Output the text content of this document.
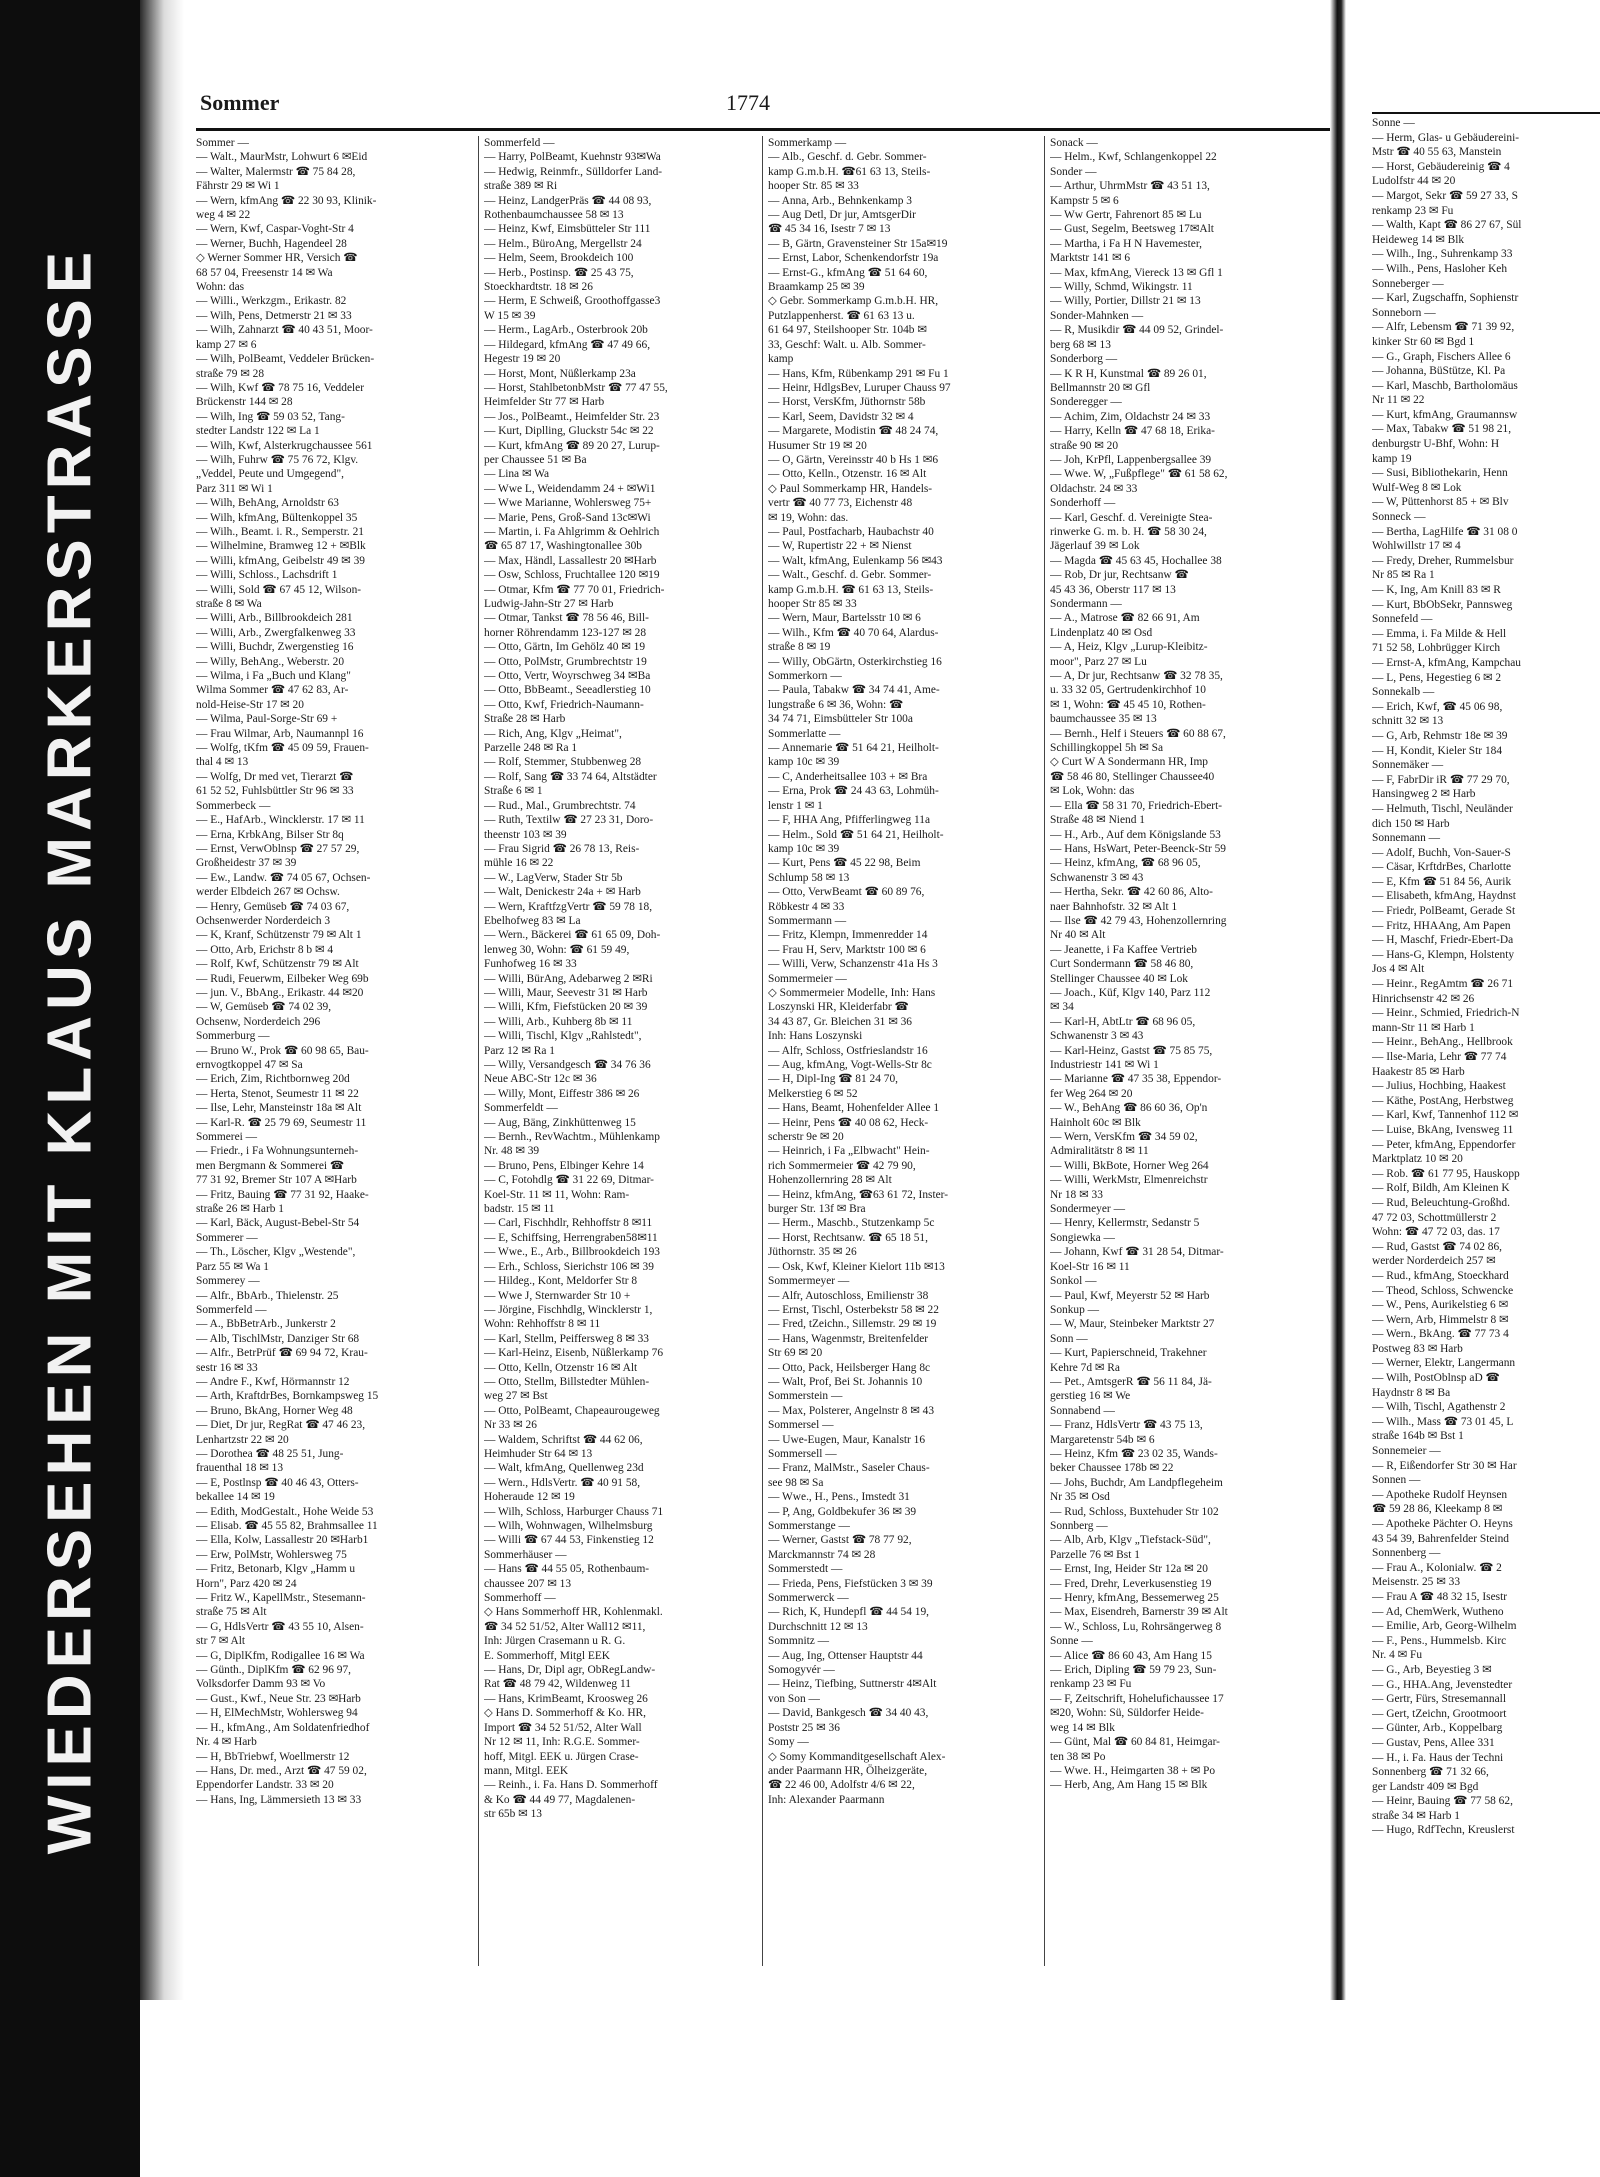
WIEDERSEHEN MIT KLAUS MARKERSTRASSE
Sommer	1774
Sommer —
— Walt., MaurMstr, Lohwurt 6 ✉Eid
— Walter, Malermstr ☎ 75 84 28,
Fährstr 29 ✉ Wi 1
— Wern, kfmAng ☎ 22 30 93, Klinik-
weg 4 ✉ 22
— Wern, Kwf, Caspar-Voght-Str 4
— Werner, Buchh, Hagendeel 28
◇ Werner Sommer HR, Versich ☎
68 57 04, Freesenstr 14 ✉ Wa
Wohn: das
— Willi., Werkzgm., Erikastr. 82
— Wilh, Pens, Detmerstr 21 ✉ 33
— Wilh, Zahnarzt ☎ 40 43 51, Moor-
kamp 27 ✉ 6
— Wilh, PolBeamt, Veddeler Brücken-
straße 79 ✉ 28
— Wilh, Kwf ☎ 78 75 16, Veddeler
Brückenstr 144 ✉ 28
— Wilh, Ing ☎ 59 03 52, Tang-
stedter Landstr 122 ✉ La 1
— Wilh, Kwf, Alsterkrugchaussee 561
— Wilh, Fuhrw ☎ 75 76 72, Klgv.
„Veddel, Peute und Umgegend",
Parz 311 ✉ Wi 1
— Wilh, BehAng, Arnoldstr 63
— Wilh, kfmAng, Bültenkoppel 35
— Wilh., Beamt. i. R., Semperstr. 21
— Wilhelmine, Bramweg 12 + ✉Blk
— Willi, kfmAng, Geibelstr 49 ✉ 39
— Willi, Schloss., Lachsdrift 1
— Willi, Sold ☎ 67 45 12, Wilson-
straße 8 ✉ Wa
— Willi, Arb., Billbrookdeich 281
— Willi, Arb., Zwergfalkenweg 33
— Willi, Buchdr, Zwergenstieg 16
— Willy, BehAng., Weberstr. 20
— Wilma, i Fa „Buch und Klang"
Wilma Sommer ☎ 47 62 83, Ar-
nold-Heise-Str 17 ✉ 20
— Wilma, Paul-Sorge-Str 69 +
— Frau Wilmar, Arb, Naumannpl 16
— Wolfg, tKfm ☎ 45 09 59, Frauen-
thal 4 ✉ 13
— Wolfg, Dr med vet, Tierarzt ☎
61 52 52, Fuhlsbüttler Str 96 ✉ 33
Sommerbeck —
— E., HafArb., Wincklerstr. 17 ✉ 11
— Erna, KrbkAng, Bilser Str 8q
— Ernst, VerwOblnsp ☎ 27 57 29,
Großheidestr 37 ✉ 39
— Ew., Landw. ☎ 74 05 67, Ochsen-
werder Elbdeich 267 ✉ Ochsw.
— Henry, Gemüseb ☎ 74 03 67,
Ochsenwerder Norderdeich 3
— K, Kranf, Schützenstr 79 ✉ Alt 1
— Otto, Arb, Erichstr 8 b ✉ 4
— Rolf, Kwf, Schützenstr 79 ✉ Alt
— Rudi, Feuerwm, Eilbeker Weg 69b
— jun. V., BbAng., Erikastr. 44 ✉20
— W, Gemüseb ☎ 74 02 39,
Ochsenw, Norderdeich 296
Sommerburg —
— Bruno W., Prok ☎ 60 98 65, Bau-
ernvogtkoppel 47 ✉ Sa
— Erich, Zim, Richtbornweg 20d
— Herta, Stenot, Seumestr 11 ✉ 22
— Ilse, Lehr, Mansteinstr 18a ✉ Alt
— Karl-R. ☎ 25 79 69, Seumestr 11
Sommerei —
— Friedr., i Fa Wohnungsunterneh-
men Bergmann & Sommerei ☎
77 31 92, Bremer Str 107 A ✉Harb
— Fritz, Bauing ☎ 77 31 92, Haake-
straße 26 ✉ Harb 1
— Karl, Bäck, August-Bebel-Str 54
Sommerer —
— Th., Löscher, Klgv „Westende",
Parz 55 ✉ Wa 1
Sommerey —
— Alfr., BbArb., Thielenstr. 25
Sommerfeld —
— A., BbBetrArb., Junkerstr 2
— Alb, TischlMstr, Danziger Str 68
— Alfr., BetrPrüf ☎ 69 94 72, Krau-
sestr 16 ✉ 33
— Andre F., Kwf, Hörmannstr 12
— Arth, KraftdrBes, Bornkampsweg 15
— Bruno, BkAng, Horner Weg 48
— Diet, Dr jur, RegRat ☎ 47 46 23,
Lenhartzstr 22 ✉ 20
— Dorothea ☎ 48 25 51, Jung-
frauenthal 18 ✉ 13
— E, Postlnsp ☎ 40 46 43, Otters-
bekallee 14 ✉ 19
— Edith, ModGestalt., Hohe Weide 53
— Elisab. ☎ 45 55 82, Brahmsallee 11
— Ella, Kolw, Lassallestr 20 ✉Harb1
— Erw, PolMstr, Wohlersweg 75
— Fritz, Betonarb, Klgv „Hamm u
Horn", Parz 420 ✉ 24
— Fritz W., KapellMstr., Stesemann-
straße 75 ✉ Alt
— G, HdlsVertr ☎ 43 55 10, Alsen-
str 7 ✉ Alt
— G, DiplKfm, Rodigallee 16 ✉ Wa
— Günth., DiplKfm ☎ 62 96 97,
Volksdorfer Damm 93 ✉ Vo
— Gust., Kwf., Neue Str. 23 ✉Harb
— H, ElMechMstr, Wohlersweg 94
— H., kfmAng., Am Soldatenfriedhof
Nr. 4 ✉ Harb
— H, BbTriebwf, Woellmerstr 12
— Hans, Dr. med., Arzt ☎ 47 59 02,
Eppendorfer Landstr. 33 ✉ 20
— Hans, Ing, Lämmersieth 13 ✉ 33
Sommerfeld —
— Harry, PolBeamt, Kuehnstr 93✉Wa
— Hedwig, Reinmfr., Sülldorfer Land-
straße 389 ✉ Ri
— Heinz, LandgerPräs ☎ 44 08 93,
Rothenbaumchaussee 58 ✉ 13
— Heinz, Kwf, Eimsbütteler Str 111
— Helm., BüroAng, Mergellstr 24
— Helm, Seem, Brookdeich 100
— Herb., Postinsp. ☎ 25 43 75,
Stoeckhardtstr. 18 ✉ 26
— Herm, E Schweiß, Groothoffgasse3
W 15 ✉ 39
— Herm., LagArb., Osterbrook 20b
— Hildegard, kfmAng ☎ 47 49 66,
Hegestr 19 ✉ 20
— Horst, Mont, Nüßlerkamp 23a
— Horst, StahlbetonbMstr ☎ 77 47 55,
Heimfelder Str 77 ✉ Harb
— Jos., PolBeamt., Heimfelder Str. 23
— Kurt, Diplling, Gluckstr 54c ✉ 22
— Kurt, kfmAng ☎ 89 20 27, Lurup-
per Chaussee 51 ✉ Ba
— Lina ✉ Wa
— Wwe L, Weidendamm 24 + ✉Wi1
— Wwe Marianne, Wohlersweg 75+
— Marie, Pens, Groß-Sand 13c✉Wi
— Martin, i. Fa Ahlgrimm & Oehlrich
☎ 65 87 17, Washingtonallee 30b
— Max, Händl, Lassallestr 20 ✉Harb
— Osw, Schloss, Fruchtallee 120 ✉19
— Otmar, Kfm ☎ 77 70 01, Friedrich-
Ludwig-Jahn-Str 27 ✉ Harb
— Otmar, Tankst ☎ 78 56 46, Bill-
horner Röhrendamm 123-127 ✉ 28
— Otto, Gärtn, Im Gehölz 40 ✉ 19
— Otto, PolMstr, Grumbrechtstr 19
— Otto, Vertr, Woyrschweg 34 ✉Ba
— Otto, BbBeamt., Seeadlerstieg 10
— Otto, Kwf, Friedrich-Naumann-
Straße 28 ✉ Harb
— Rich, Ang, Klgv „Heimat",
Parzelle 248 ✉ Ra 1
— Rolf, Stemmer, Stubbenweg 28
— Rolf, Sang ☎ 33 74 64, Altstädter
Straße 6 ✉ 1
— Rud., Mal., Grumbrechtstr. 74
— Ruth, Textilw ☎ 27 23 31, Doro-
theenstr 103 ✉ 39
— Frau Sigrid ☎ 26 78 13, Reis-
mühle 16 ✉ 22
— W., LagVerw, Stader Str 5b
— Walt, Denickestr 24a + ✉ Harb
— Wern, KraftfzgVertr ☎ 59 78 18,
Ebelhofweg 83 ✉ La
— Wern., Bäckerei ☎ 61 65 09, Doh-
lenweg 30, Wohn: ☎ 61 59 49,
Funhofweg 16 ✉ 33
— Willi, BürAng, Adebarweg 2 ✉Ri
— Willi, Maur, Seevestr 31 ✉ Harb
— Willi, Kfm, Fiefstücken 20 ✉ 39
— Willi, Arb., Kuhberg 8b ✉ 11
— Willi, Tischl, Klgv „Rahlstedt",
Parz 12 ✉ Ra 1
— Willy, Versandgesch ☎ 34 76 36
Neue ABC-Str 12c ✉ 36
— Willy, Mont, Eiffestr 386 ✉ 26
Sommerfeldt —
— Aug, Bäng, Zinkhüttenweg 15
— Bernh., RevWachtm., Mühlenkamp
Nr. 48 ✉ 39
— Bruno, Pens, Elbinger Kehre 14
— C, Fotohdlg ☎ 31 22 69, Ditmar-
Koel-Str. 11 ✉ 11, Wohn: Ram-
badstr. 15 ✉ 11
— Carl, Fischhdlr, Rehhoffstr 8 ✉11
— E, Schiffsing, Herrengraben58✉11
— Wwe., E., Arb., Billbrookdeich 193
— Erh., Schloss, Sierichstr 106 ✉ 39
— Hildeg., Kont, Meldorfer Str 8
— Wwe J, Sternwarder Str 10 +
— Jörgine, Fischhdlg, Wincklerstr 1,
Wohn: Rehhoffstr 8 ✉ 11
— Karl, Stellm, Peiffersweg 8 ✉ 33
— Karl-Heinz, Eisenb, Nüßlerkamp 76
— Otto, Kelln, Otzenstr 16 ✉ Alt
— Otto, Stellm, Billstedter Mühlen-
weg 27 ✉ Bst
— Otto, PolBeamt, Chapeaurougeweg
Nr 33 ✉ 26
— Waldem, Schriftst ☎ 44 62 06,
Heimhuder Str 64 ✉ 13
— Walt, kfmAng, Quellenweg 23d
— Wern., HdlsVertr. ☎ 40 91 58,
Hoheraude 12 ✉ 19
— Wilh, Schloss, Harburger Chauss 71
— Wilh, Wohnwagen, Wilhelmsburg
— Willi ☎ 67 44 53, Finkenstieg 12
Sommerhäuser —
— Hans ☎ 44 55 05, Rothenbaum-
chaussee 207 ✉ 13
Sommerhoff —
◇ Hans Sommerhoff HR, Kohlenmakl.
☎ 34 52 51/52, Alter Wall12 ✉11,
Inh: Jürgen Crasemann u R. G.
E. Sommerhoff, Mitgl EEK
— Hans, Dr, Dipl agr, ObRegLandw-
Rat ☎ 48 79 42, Wildenweg 11
— Hans, KrimBeamt, Kroosweg 26
◇ Hans D. Sommerhoff & Ko. HR,
Import ☎ 34 52 51/52, Alter Wall
Nr 12 ✉ 11, Inh: R.G.E. Sommer-
hoff, Mitgl. EEK u. Jürgen Crase-
mann, Mitgl. EEK
— Reinh., i. Fa. Hans D. Sommerhoff
& Ko ☎ 44 49 77, Magdalenen-
str 65b ✉ 13
Sommerkamp —
— Alb., Geschf. d. Gebr. Sommer-
kamp G.m.b.H. ☎61 63 13, Steils-
hooper Str. 85 ✉ 33
— Anna, Arb., Behnkenkamp 3
— Aug Detl, Dr jur, AmtsgerDir
☎ 45 34 16, Isestr 7 ✉ 13
— B, Gärtn, Gravensteiner Str 15a✉19
— Ernst, Labor, Schenkendorfstr 19a
— Ernst-G., kfmAng ☎ 51 64 60,
Braamkamp 25 ✉ 39
◇ Gebr. Sommerkamp G.m.b.H. HR,
Putzlappenherst. ☎ 61 63 13 u.
61 64 97, Steilshooper Str. 104b ✉
33, Geschf: Walt. u. Alb. Sommer-
kamp
— Hans, Kfm, Rübenkamp 291 ✉ Fu 1
— Heinr, HdlgsBev, Luruper Chauss 97
— Horst, VersKfm, Jüthornstr 58b
— Karl, Seem, Davidstr 32 ✉ 4
— Margarete, Modistin ☎ 48 24 74,
Husumer Str 19 ✉ 20
— O, Gärtn, Vereinsstr 40 b Hs 1 ✉6
— Otto, Kelln., Otzenstr. 16 ✉ Alt
◇ Paul Sommerkamp HR, Handels-
vertr ☎ 40 77 73, Eichenstr 48
✉ 19, Wohn: das.
— Paul, Postfacharb, Haubachstr 40
— W, Rupertistr 22 + ✉ Nienst
— Walt, kfmAng, Eulenkamp 56 ✉43
— Walt., Geschf. d. Gebr. Sommer-
kamp G.m.b.H. ☎ 61 63 13, Steils-
hooper Str 85 ✉ 33
— Wern, Maur, Bartelsstr 10 ✉ 6
— Wilh., Kfm ☎ 40 70 64, Alardus-
straße 8 ✉ 19
— Willy, ObGärtn, Osterkirchstieg 16
Sommerkorn —
— Paula, Tabakw ☎ 34 74 41, Ame-
lungstraße 6 ✉ 36, Wohn: ☎
34 74 71, Eimsbütteler Str 100a
Sommerlatte —
— Annemarie ☎ 51 64 21, Heilholt-
kamp 10c ✉ 39
— C, Anderheitsallee 103 + ✉ Bra
— Erna, Prok ☎ 24 43 63, Lohmüh-
lenstr 1 ✉ 1
— F, HHA Ang, Pfifferlingweg 11a
— Helm., Sold ☎ 51 64 21, Heilholt-
kamp 10c ✉ 39
— Kurt, Pens ☎ 45 22 98, Beim
Schlump 58 ✉ 13
— Otto, VerwBeamt ☎ 60 89 76,
Röbkestr 4 ✉ 33
Sommermann —
— Fritz, Klempn, Immenredder 14
— Frau H, Serv, Marktstr 100 ✉ 6
— Willi, Verw, Schanzenstr 41a Hs 3
Sommermeier —
◇ Sommermeier Modelle, Inh: Hans
Loszynski HR, Kleiderfabr ☎
34 43 87, Gr. Bleichen 31 ✉ 36
Inh: Hans Loszynski
— Alfr, Schloss, Ostfrieslandstr 16
— Aug, kfmAng, Vogt-Wells-Str 8c
— H, Dipl-Ing ☎ 81 24 70,
Melkerstieg 6 ✉ 52
— Hans, Beamt, Hohenfelder Allee 1
— Heinr, Pens ☎ 40 08 62, Heck-
scherstr 9e ✉ 20
— Heinrich, i Fa „Elbwacht" Hein-
rich Sommermeier ☎ 42 79 90,
Hohenzollernring 28 ✉ Alt
— Heinz, kfmAng, ☎63 61 72, Inster-
burger Str. 13f ✉ Bra
— Herm., Maschb., Stutzenkamp 5c
— Horst, Rechtsanw. ☎ 65 18 51,
Jüthornstr. 35 ✉ 26
— Osk, Kwf, Kleiner Kielort 11b ✉13
Sommermeyer —
— Alfr, Autoschloss, Emilienstr 38
— Ernst, Tischl, Osterbekstr 58 ✉ 22
— Fred, tZeichn., Sillemstr. 29 ✉ 19
— Hans, Wagenmstr, Breitenfelder
Str 69 ✉ 20
— Otto, Pack, Heilsberger Hang 8c
— Walt, Prof, Bei St. Johannis 10
Sommerstein —
— Max, Polsterer, Angelnstr 8 ✉ 43
Sommersel —
— Uwe-Eugen, Maur, Kanalstr 16
Sommersell —
— Franz, MalMstr., Saseler Chaus-
see 98 ✉ Sa
— Wwe., H., Pens., Imstedt 31
— P, Ang, Goldbekufer 36 ✉ 39
Sommerstange —
— Werner, Gastst ☎ 78 77 92,
Marckmannstr 74 ✉ 28
Sommerstedt —
— Frieda, Pens, Fiefstücken 3 ✉ 39
Sommerwerck —
— Rich, K, Hundepfl ☎ 44 54 19,
Durchschnitt 12 ✉ 13
Sommnitz —
— Aug, Ing, Ottenser Hauptstr 44
Somogyvér —
— Heinz, Tiefbing, Suttnerstr 4✉Alt
von Son —
— David, Bankgesch ☎ 34 40 43,
Poststr 25 ✉ 36
Somy —
◇ Somy Kommanditgesellschaft Alex-
ander Paarmann HR, Ölheizgeräte,
☎ 22 46 00, Adolfstr 4/6 ✉ 22,
Inh: Alexander Paarmann
Sonack —
— Helm., Kwf, Schlangenkoppel 22
Sonder —
— Arthur, UhrmMstr ☎ 43 51 13,
Kampstr 5 ✉ 6
— Ww Gertr, Fahrenort 85 ✉ Lu
— Gust, Segelm, Beetsweg 17✉Alt
— Martha, i Fa H N Havemester,
Marktstr 141 ✉ 6
— Max, kfmAng, Viereck 13 ✉ Gfl 1
— Willy, Schmd, Wikingstr. 11
— Willy, Portier, Dillstr 21 ✉ 13
Sonder-Mahnken —
— R, Musikdir ☎ 44 09 52, Grindel-
berg 68 ✉ 13
Sonderborg —
— K R H, Kunstmal ☎ 89 26 01,
Bellmannstr 20 ✉ Gfl
Sonderegger —
— Achim, Zim, Oldachstr 24 ✉ 33
— Harry, Kelln ☎ 47 68 18, Erika-
straße 90 ✉ 20
— Joh, KrPfl, Lappenbergsallee 39
— Wwe. W, „Fußpflege" ☎ 61 58 62,
Oldachstr. 24 ✉ 33
Sonderhoff —
— Karl, Geschf. d. Vereinigte Stea-
rinwerke G. m. b. H. ☎ 58 30 24,
Jägerlauf 39 ✉ Lok
— Magda ☎ 45 63 45, Hochallee 38
— Rob, Dr jur, Rechtsanw ☎
45 43 36, Oberstr 117 ✉ 13
Sondermann —
— A., Matrose ☎ 82 66 91, Am
Lindenplatz 40 ✉ Osd
— A, Heiz, Klgv „Lurup-Kleibitz-
moor", Parz 27 ✉ Lu
— A, Dr jur, Rechtsanw ☎ 32 78 35,
u. 33 32 05, Gertrudenkirchhof 10
✉ 1, Wohn: ☎ 45 45 10, Rothen-
baumchaussee 35 ✉ 13
— Bernh., Helf i Steuers ☎ 60 88 67,
Schillingkoppel 5h ✉ Sa
◇ Curt W A Sondermann HR, Imp
☎ 58 46 80, Stellinger Chaussee40
✉ Lok, Wohn: das
— Ella ☎ 58 31 70, Friedrich-Ebert-
Straße 48 ✉ Niend 1
— H., Arb., Auf dem Königslande 53
— Hans, HsWart, Peter-Beenck-Str 59
— Heinz, kfmAng, ☎ 68 96 05,
Schwanenstr 3 ✉ 43
— Hertha, Sekr. ☎ 42 60 86, Alto-
naer Bahnhofstr. 32 ✉ Alt 1
— Ilse ☎ 42 79 43, Hohenzollernring
Nr 40 ✉ Alt
— Jeanette, i Fa Kaffee Vertrieb
Curt Sondermann ☎ 58 46 80,
Stellinger Chaussee 40 ✉ Lok
— Joach., Küf, Klgv 140, Parz 112
✉ 34
— Karl-H, AbtLtr ☎ 68 96 05,
Schwanenstr 3 ✉ 43
— Karl-Heinz, Gastst ☎ 75 85 75,
Industriestr 141 ✉ Wi 1
— Marianne ☎ 47 35 38, Eppendor-
fer Weg 264 ✉ 20
— W., BehAng ☎ 86 60 36, Op'n
Hainholt 60c ✉ Blk
— Wern, VersKfm ☎ 34 59 02,
Admiralitätstr 8 ✉ 11
— Willi, BkBote, Horner Weg 264
— Willi, WerkMstr, Elmenreichstr
Nr 18 ✉ 33
Sondermeyer —
— Henry, Kellermstr, Sedanstr 5
Songiewka —
— Johann, Kwf ☎ 31 28 54, Ditmar-
Koel-Str 16 ✉ 11
Sonkol —
— Paul, Kwf, Meyerstr 52 ✉ Harb
Sonkup —
— W, Maur, Steinbeker Marktstr 27
Sonn —
— Kurt, Papierschneid, Trakehner
Kehre 7d ✉ Ra
— Pet., AmtsgerR ☎ 56 11 84, Jä-
gerstieg 16 ✉ We
Sonnabend —
— Franz, HdlsVertr ☎ 43 75 13,
Margaretenstr 54b ✉ 6
— Heinz, Kfm ☎ 23 02 35, Wands-
beker Chaussee 178b ✉ 22
— Johs, Buchdr, Am Landpflegeheim
Nr 35 ✉ Osd
— Rud, Schloss, Buxtehuder Str 102
Sonnberg —
— Alb, Arb, Klgv „Tiefstack-Süd",
Parzelle 76 ✉ Bst 1
— Ernst, Ing, Heider Str 12a ✉ 20
— Fred, Drehr, Leverkusenstieg 19
— Henry, kfmAng, Bessemerweg 25
— Max, Eisendreh, Barnerstr 39 ✉ Alt
— W., Schloss, Lu, Rohrsängerweg 8
Sonne —
— Alice ☎ 86 60 43, Am Hang 15
— Erich, Dipling ☎ 59 79 23, Sun-
renkamp 23 ✉ Fu
— F, Zeitschrift, Hohelufichaussee 17
✉20, Wohn: Sü, Süldorfer Heide-
weg 14 ✉ Blk
— Günt, Mal ☎ 60 84 81, Heimgar-
ten 38 ✉ Po
— Wwe. H., Heimgarten 38 + ✉ Po
— Herb, Ang, Am Hang 15 ✉ Blk
Sonne —
— Herm, Glas- u Gebäudereini-
Mstr ☎ 40 55 63, Manstein
— Horst, Gebäudereinig ☎ 4
Ludolfstr 44 ✉ 20
— Margot, Sekr ☎ 59 27 33, S
renkamp 23 ✉ Fu
— Walth, Kapt ☎ 86 27 67, Sül
Heideweg 14 ✉ Blk
— Wilh., Ing., Suhrenkamp 33
— Wilh., Pens, Hasloher Keh
Sonneberger —
— Karl, Zugschaffn, Sophienstr
Sonneborn —
— Alfr, Lebensm ☎ 71 39 92,
kinker Str 60 ✉ Bgd 1
— G., Graph, Fischers Allee 6
— Johanna, BüStütze, Kl. Pa
— Karl, Maschb, Bartholomäus
Nr 11 ✉ 22
— Kurt, kfmAng, Graumannsw
— Max, Tabakw ☎ 51 98 21,
denburgstr U-Bhf, Wohn: H
kamp 19
— Susi, Bibliothekarin, Henn
Wulf-Weg 8 ✉ Lok
— W, Püttenhorst 85 + ✉ Blv
Sonneck —
— Bertha, LagHilfe ☎ 31 08 0
Wohlwillstr 17 ✉ 4
— Fredy, Dreher, Rummelsbur
Nr 85 ✉ Ra 1
— K, Ing, Am Knill 83 ✉ R
— Kurt, BbObSekr, Pannsweg
Sonnefeld —
— Emma, i. Fa Milde & Hell
71 52 58, Lohbrügger Kirch
— Ernst-A, kfmAng, Kampchau
— L, Pens, Hegestieg 6 ✉ 2
Sonnekalb —
— Erich, Kwf, ☎ 45 06 98,
schnitt 32 ✉ 13
— G, Arb, Rehmstr 18e ✉ 39
— H, Kondit, Kieler Str 184
Sonnemäker —
— F, FabrDir iR ☎ 77 29 70,
Hansingweg 2 ✉ Harb
— Helmuth, Tischl, Neuländer
dich 150 ✉ Harb
Sonnemann —
— Adolf, Buchh, Von-Sauer-S
— Cäsar, KrftdrBes, Charlotte
— E, Kfm ☎ 51 84 56, Aurik
— Elisabeth, kfmAng, Haydnst
— Friedr, PolBeamt, Gerade St
— Fritz, HHAAng, Am Papen
— H, Maschf, Friedr-Ebert-Da
— Hans-G, Klempn, Holstenty
Jos 4 ✉ Alt
— Heinr., RegAmtm ☎ 26 71
Hinrichsenstr 42 ✉ 26
— Heinr., Schmied, Friedrich-N
mann-Str 11 ✉ Harb 1
— Heinr., BehAng., Hellbrook
— Ilse-Maria, Lehr ☎ 77 74
Haakestr 85 ✉ Harb
— Julius, Hochbing, Haakest
— Käthe, PostAng, Herbstweg
— Karl, Kwf, Tannenhof 112 ✉
— Luise, BkAng, Ivensweg 11
— Peter, kfmAng, Eppendorfer
Marktplatz 10 ✉ 20
— Rob. ☎ 61 77 95, Hauskopp
— Rolf, Bildh, Am Kleinen K
— Rud, Beleuchtung-Großhd.
47 72 03, Schottmüllerstr 2
Wohn: ☎ 47 72 03, das. 17
— Rud, Gastst ☎ 74 02 86,
werder Norderdeich 257 ✉
— Rud., kfmAng, Stoeckhard
— Theod, Schloss, Schwencke
— W., Pens, Aurikelstieg 6 ✉
— Wern, Arb, Himmelstr 8 ✉
— Wern., BkAng. ☎ 77 73 4
Postweg 83 ✉ Harb
— Werner, Elektr, Langermann
— Wilh, PostOblnsp aD ☎
Haydnstr 8 ✉ Ba
— Wilh, Tischl, Agathenstr 2
— Wilh., Mass ☎ 73 01 45, L
straße 164b ✉ Bst 1
Sonnemeier —
— R, Eißendorfer Str 30 ✉ Har
Sonnen —
— Apotheke Rudolf Heynsen
☎ 59 28 86, Kleekamp 8 ✉
— Apotheke Pächter O. Heyns
43 54 39, Bahrenfelder Steind
Sonnenberg —
— Frau A., Kolonialw. ☎ 2
Meisenstr. 25 ✉ 33
— Frau A ☎ 48 32 15, Isestr
— Ad, ChemWerk, Wutheno
— Emilie, Arb, Georg-Wilhelm
— F., Pens., Hummelsb. Kirc
Nr. 4 ✉ Fu
— G., Arb, Beyestieg 3 ✉
— G., HHA.Ang, Jevenstedter
— Gertr, Fürs, Stresemannall
— Gert, tZeichn, Grootmoort
— Günter, Arb., Koppelbarg
— Gustav, Pens, Allee 331
— H., i. Fa. Haus der Techni
Sonnenberg ☎ 71 32 66,
ger Landstr 409 ✉ Bgd
— Heinr, Bauing ☎ 77 58 62,
straße 34 ✉ Harb 1
— Hugo, RdfTechn, Kreuslerst
